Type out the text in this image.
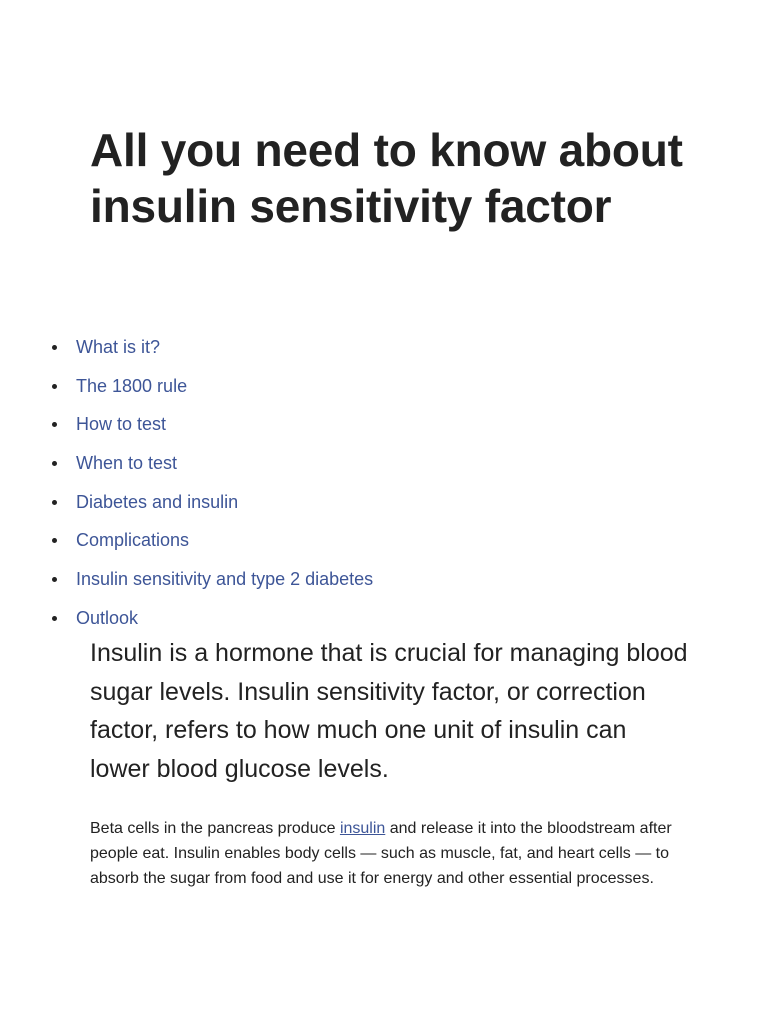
All you need to know about insulin sensitivity factor
What is it?
The 1800 rule
How to test
When to test
Diabetes and insulin
Complications
Insulin sensitivity and type 2 diabetes
Outlook

Insulin is a hormone that is crucial for managing blood sugar levels. Insulin sensitivity factor, or correction factor, refers to how much one unit of insulin can lower blood glucose levels.

Beta cells in the pancreas produce insulin and release it into the bloodstream after people eat. Insulin enables body cells — such as muscle, fat, and heart cells — to absorb the sugar from food and use it for energy and other essential processes.
